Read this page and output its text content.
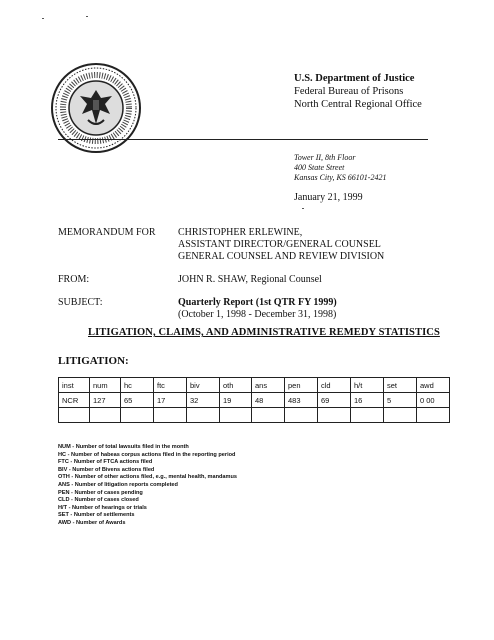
U.S. Department of Justice
Federal Bureau of Prisons
North Central Regional Office
Tower II, 8th Floor
400 State Street
Kansas City, KS 66101-2421
January 21, 1999
MEMORANDUM FOR CHRISTOPHER ERLEWINE,
ASSISTANT DIRECTOR/GENERAL COUNSEL
GENERAL COUNSEL AND REVIEW DIVISION
FROM:	JOHN R. SHAW, Regional Counsel
SUBJECT:	Quarterly Report (1st QTR FY 1999)
(October 1, 1998 - December 31, 1998)
LITIGATION, CLAIMS, AND ADMINISTRATIVE REMEDY STATISTICS
LITIGATION:
inst	num	hc	ftc	biv	oth	ans	pen	cld	h/t	set	awd
NCR	127	65	17	32	19	48	483	69	16	5	0 00

NUM - Number of total lawsuits filed in the month
HC - Number of habeas corpus actions filed in the reporting period
FTC - Number of FTCA actions filed
BIV - Number of Bivens actions filed
OTH - Number of other actions filed, e.g., mental health, mandamus
ANS - Number of litigation reports completed
PEN - Number of cases pending
CLD - Number of cases closed
H/T - Number of hearings or trials
SET - Number of settlements
AWD - Number of Awards
